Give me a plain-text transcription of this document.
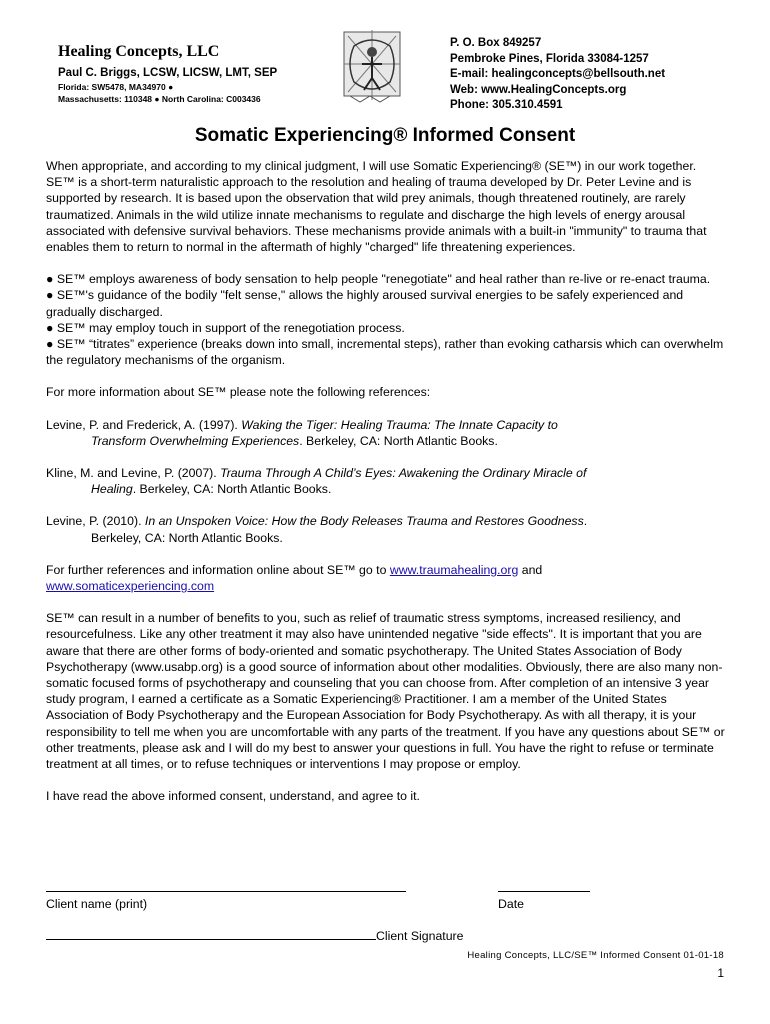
Healing Concepts, LLC
Paul C. Briggs, LCSW, LICSW, LMT, SEP
Florida: SW5478, MA34970 ●
Massachusetts: 110348 ● North Carolina: C003436
P. O. Box 849257
Pembroke Pines, Florida 33084-1257
E-mail: healingconcepts@bellsouth.net
Web: www.HealingConcepts.org
Phone: 305.310.4591
Somatic Experiencing® Informed Consent

When appropriate, and according to my clinical judgment, I will use Somatic Experiencing® (SE™) in our work together. SE™ is a short-term naturalistic approach to the resolution and healing of trauma developed by Dr. Peter Levine and is supported by research. It is based upon the observation that wild prey animals, though threatened routinely, are rarely traumatized. Animals in the wild utilize innate mechanisms to regulate and discharge the high levels of energy arousal associated with defensive survival behaviors. These mechanisms provide animals with a built-in "immunity" to trauma that enables them to return to normal in the aftermath of highly "charged" life threatening experiences.

● SE™ employs awareness of body sensation to help people "renegotiate" and heal rather than re-live or re-enact trauma.

● SE™'s guidance of the bodily "felt sense," allows the highly aroused survival energies to be safely experienced and gradually discharged.

● SE™ may employ touch in support of the renegotiation process.

● SE™ “titrates” experience (breaks down into small, incremental steps), rather than evoking catharsis which can overwhelm the regulatory mechanisms of the organism.

For more information about SE™ please note the following references:

Levine, P. and Frederick, A. (1997). Waking the Tiger: Healing Trauma: The Innate Capacity to
Transform Overwhelming Experiences. Berkeley, CA: North Atlantic Books.

Kline, M. and Levine, P. (2007). Trauma Through A Child’s Eyes: Awakening the Ordinary Miracle of
Healing. Berkeley, CA: North Atlantic Books.

Levine, P. (2010). In an Unspoken Voice: How the Body Releases Trauma and Restores Goodness.
Berkeley, CA: North Atlantic Books.

For further references and information online about SE™ go to www.traumahealing.org and
www.somaticexperiencing.com

SE™ can result in a number of benefits to you, such as relief of traumatic stress symptoms, increased resiliency, and resourcefulness. Like any other treatment it may also have unintended negative "side effects". It is important that you are aware that there are other forms of body-oriented and somatic psychotherapy. The United States Association of Body Psychotherapy (www.usabp.org) is a good source of information about other modalities. Obviously, there are also many non-somatic focused forms of psychotherapy and counseling that you can choose from. After completion of an intensive 3 year study program, I earned a certificate as a Somatic Experiencing® Practitioner. I am a member of the United States Association of Body Psychotherapy and the European Association for Body Psychotherapy. As with all therapy, it is your responsibility to tell me when you are uncomfortable with any parts of the treatment. If you have any questions about SE™ or other treatments, please ask and I will do my best to answer your questions in full. You have the right to refuse or terminate treatment at all times, or to refuse techniques or interventions I may propose or employ.

I have read the above informed consent, understand, and agree to it.

Client name (print)	Date
Client Signature
Healing Concepts, LLC/SE™ Informed Consent 01-01-18
1
